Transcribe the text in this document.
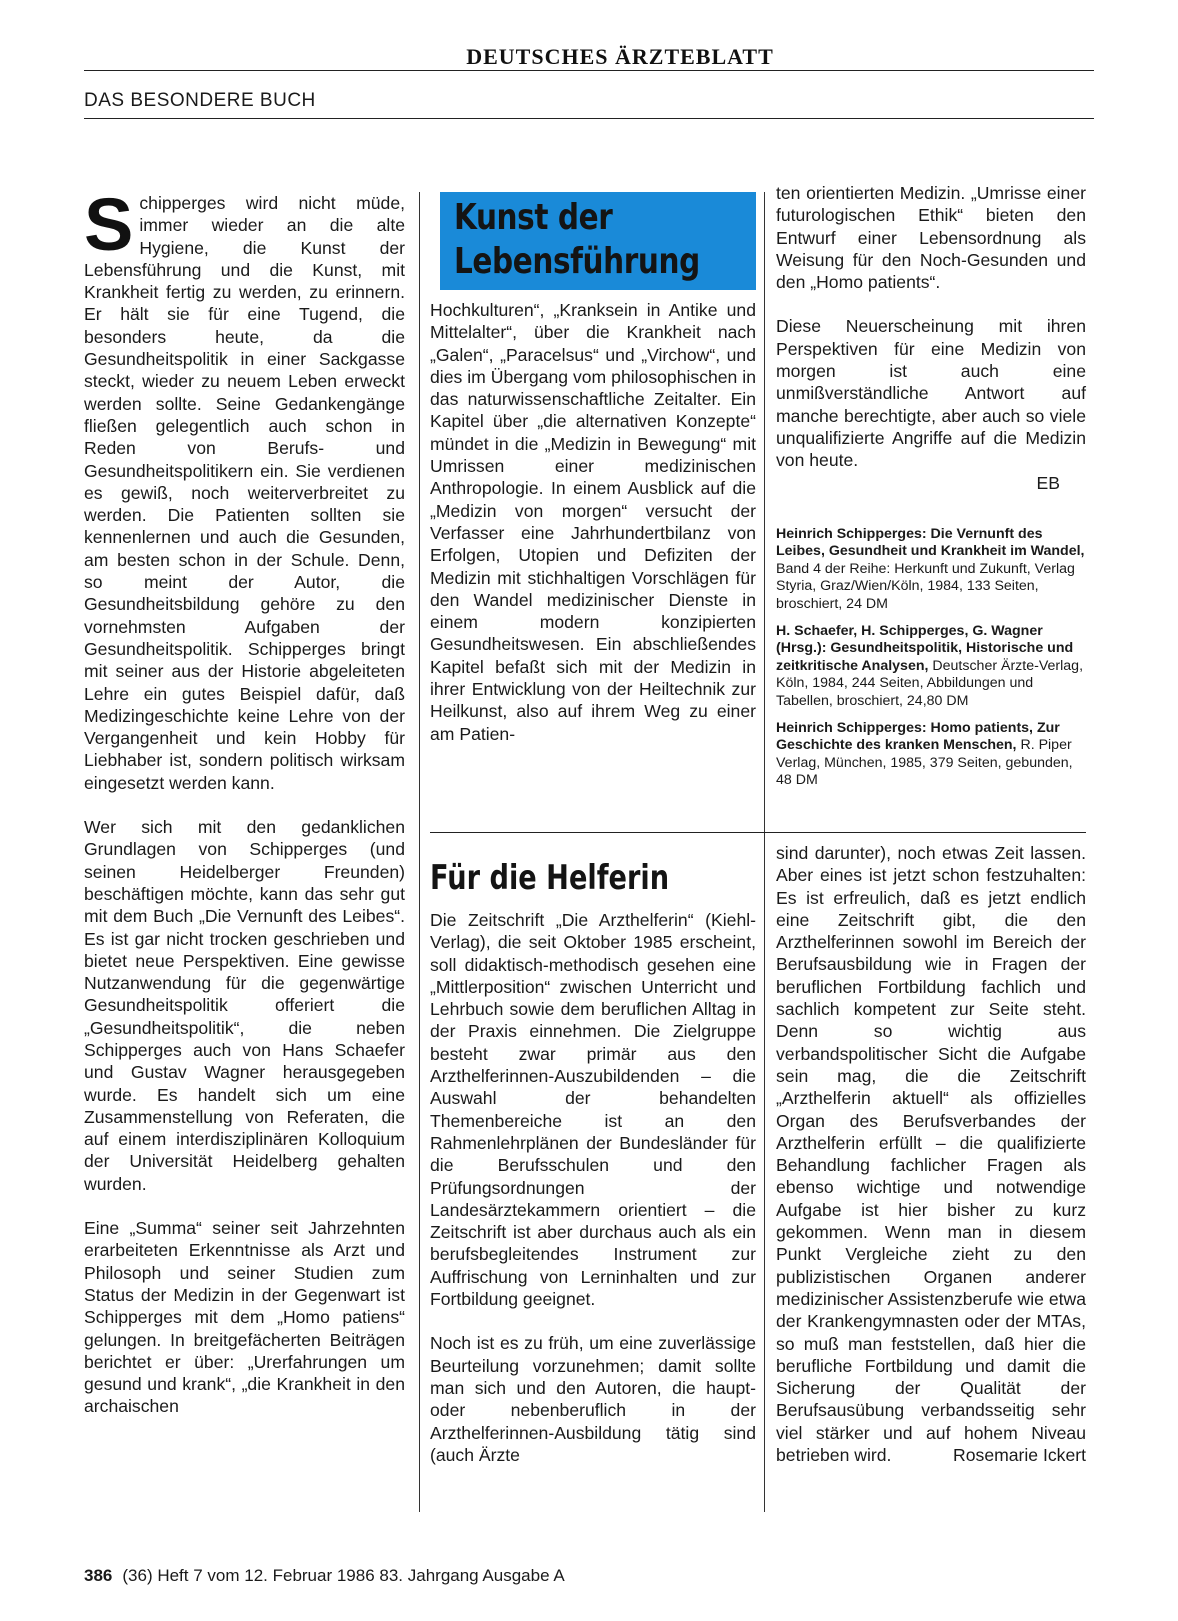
DEUTSCHES ÄRZTEBLATT
DAS BESONDERE BUCH

Schipperges wird nicht müde, immer wieder an die alte Hygiene, die Kunst der Lebensführung und die Kunst, mit Krankheit fertig zu werden, zu erinnern. Er hält sie für eine Tugend, die besonders heute, da die Gesundheitspolitik in einer Sackgasse steckt, wieder zu neuem Leben erweckt werden sollte. Seine Gedankengänge fließen gelegentlich auch schon in Reden von Berufs- und Gesundheitspolitikern ein. Sie verdienen es gewiß, noch weiterverbreitet zu werden. Die Patienten sollten sie kennenlernen und auch die Gesunden, am besten schon in der Schule. Denn, so meint der Autor, die Gesundheitsbildung gehöre zu den vornehmsten Aufgaben der Gesundheitspolitik. Schipperges bringt mit seiner aus der Historie abgeleiteten Lehre ein gutes Beispiel dafür, daß Medizingeschichte keine Lehre von der Vergangenheit und kein Hobby für Liebhaber ist, sondern politisch wirksam eingesetzt werden kann.

Wer sich mit den gedanklichen Grundlagen von Schipperges (und seinen Heidelberger Freunden) beschäftigen möchte, kann das sehr gut mit dem Buch „Die Vernunft des Leibes“. Es ist gar nicht trocken geschrieben und bietet neue Perspektiven. Eine gewisse Nutzanwendung für die gegenwärtige Gesundheitspolitik offeriert die „Gesundheitspolitik“, die neben Schipperges auch von Hans Schaefer und Gustav Wagner herausgegeben wurde. Es handelt sich um eine Zusammenstellung von Referaten, die auf einem interdisziplinären Kolloquium der Universität Heidelberg gehalten wurden.

Eine „Summa“ seiner seit Jahrzehnten erarbeiteten Erkenntnisse als Arzt und Philosoph und seiner Studien zum Status der Medizin in der Gegenwart ist Schipperges mit dem „Homo patiens“ gelungen. In breitgefächerten Beiträgen berichtet er über: „Urerfahrungen um gesund und krank“, „die Krankheit in den archaischen

Kunst der
Lebensführung

Hochkulturen“, „Kranksein in Antike und Mittelalter“, über die Krankheit nach „Galen“, „Paracelsus“ und „Virchow“, und dies im Übergang vom philosophischen in das naturwissenschaftliche Zeitalter. Ein Kapitel über „die alternativen Konzepte“ mündet in die „Medizin in Bewegung“ mit Umrissen einer medizinischen Anthropologie. In einem Ausblick auf die „Medizin von morgen“ versucht der Verfasser eine Jahrhundertbilanz von Erfolgen, Utopien und Defiziten der Medizin mit stichhaltigen Vorschlägen für den Wandel medizinischer Dienste in einem modern konzipierten Gesundheitswesen. Ein abschließendes Kapitel befaßt sich mit der Medizin in ihrer Entwicklung von der Heiltechnik zur Heilkunst, also auf ihrem Weg zu einer am Patien-

ten orientierten Medizin. „Umrisse einer futurologischen Ethik“ bieten den Entwurf einer Lebensordnung als Weisung für den Noch-Gesunden und den „Homo patients“.

Diese Neuerscheinung mit ihren Perspektiven für eine Medizin von morgen ist auch eine unmißverständliche Antwort auf manche berechtigte, aber auch so viele unqualifizierte Angriffe auf die Medizin von heute.

EB

Heinrich Schipperges: Die Vernunft des Leibes, Gesundheit und Krankheit im Wandel, Band 4 der Reihe: Herkunft und Zukunft, Verlag Styria, Graz/Wien/Köln, 1984, 133 Seiten, broschiert, 24 DM

H. Schaefer, H. Schipperges, G. Wagner (Hrsg.): Gesundheitspolitik, Historische und zeitkritische Analysen, Deutscher Ärzte-Verlag, Köln, 1984, 244 Seiten, Abbildungen und Tabellen, broschiert, 24,80 DM

Heinrich Schipperges: Homo patients, Zur Geschichte des kranken Menschen, R. Piper Verlag, München, 1985, 379 Seiten, gebunden, 48 DM

Für die Helferin

Die Zeitschrift „Die Arzthelferin“ (Kiehl-Verlag), die seit Oktober 1985 erscheint, soll didaktisch-methodisch gesehen eine „Mittlerposition“ zwischen Unterricht und Lehrbuch sowie dem beruflichen Alltag in der Praxis einnehmen. Die Zielgruppe besteht zwar primär aus den Arzthelferinnen-Auszubildenden – die Auswahl der behandelten Themenbereiche ist an den Rahmenlehrplänen der Bundesländer für die Berufsschulen und den Prüfungsordnungen der Landesärztekammern orientiert – die Zeitschrift ist aber durchaus auch als ein berufsbegleitendes Instrument zur Auffrischung von Lerninhalten und zur Fortbildung geeignet.

Noch ist es zu früh, um eine zuverlässige Beurteilung vorzunehmen; damit sollte man sich und den Autoren, die haupt- oder nebenberuflich in der Arzthelferinnen-Ausbildung tätig sind (auch Ärzte

sind darunter), noch etwas Zeit lassen. Aber eines ist jetzt schon festzuhalten: Es ist erfreulich, daß es jetzt endlich eine Zeitschrift gibt, die den Arzthelferinnen sowohl im Bereich der Berufsausbildung wie in Fragen der beruflichen Fortbildung fachlich und sachlich kompetent zur Seite steht. Denn so wichtig aus verbandspolitischer Sicht die Aufgabe sein mag, die die Zeitschrift „Arzthelferin aktuell“ als offizielles Organ des Berufsverbandes der Arzthelferin erfüllt – die qualifizierte Behandlung fachlicher Fragen als ebenso wichtige und notwendige Aufgabe ist hier bisher zu kurz gekommen. Wenn man in diesem Punkt Vergleiche zieht zu den publizistischen Organen anderer medizinischer Assistenzberufe wie etwa der Krankengymnasten oder der MTAs, so muß man feststellen, daß hier die berufliche Fortbildung und damit die Sicherung der Qualität der Berufsausübung verbandsseitig sehr viel stärker und auf hohem Niveau betrieben wird.	Rosemarie Ickert

386 (36) Heft 7 vom 12. Februar 1986 83. Jahrgang Ausgabe A
